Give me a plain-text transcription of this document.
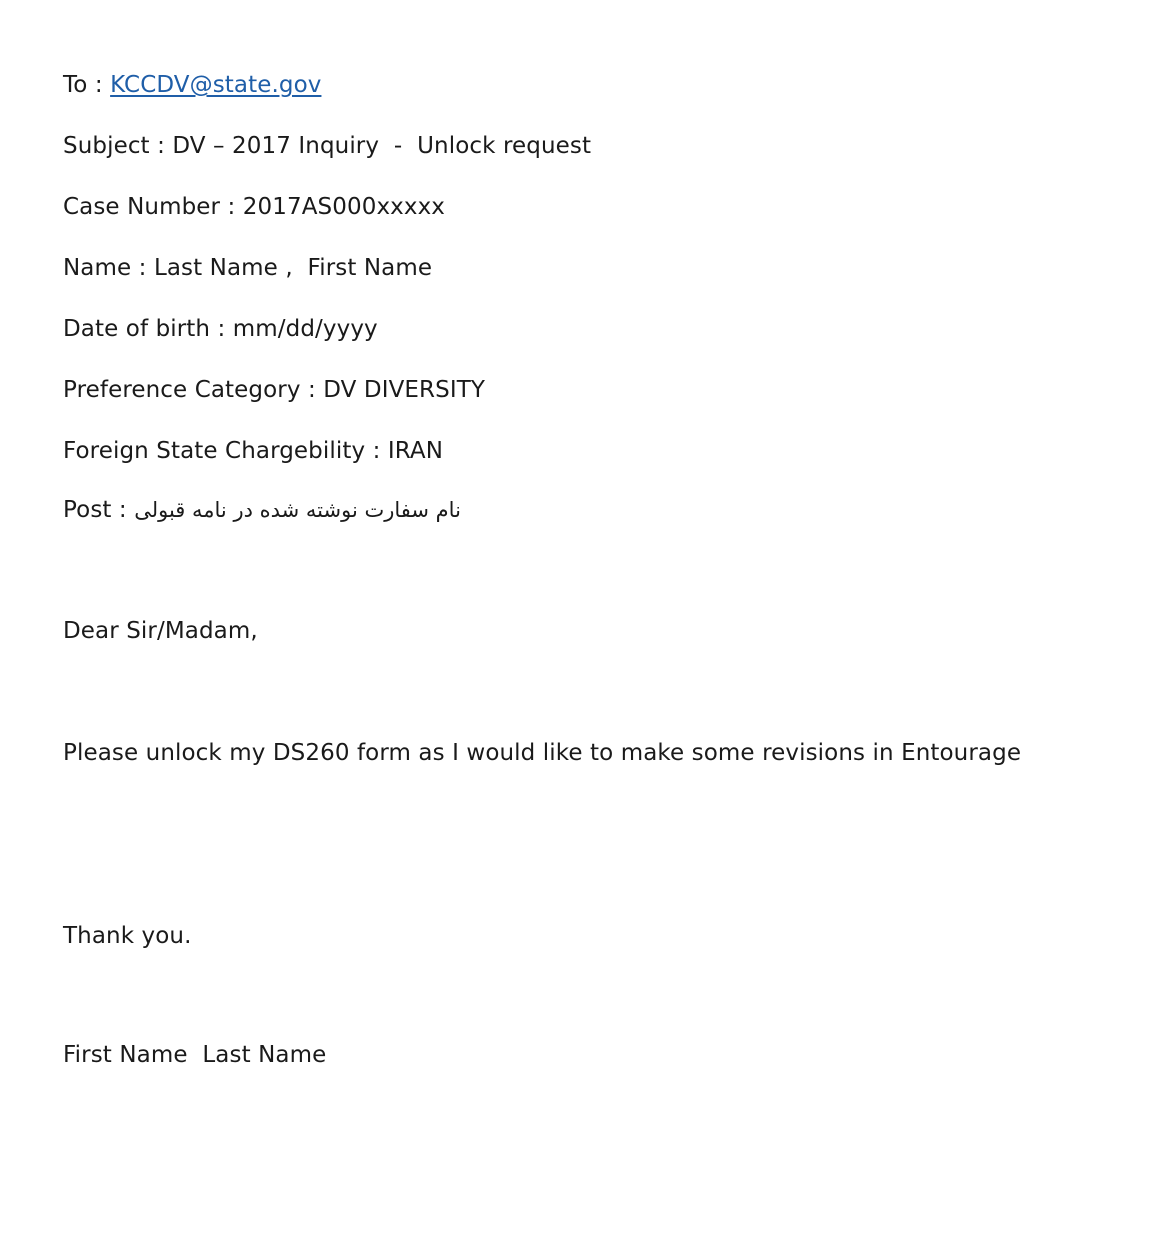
To : KCCDV@state.gov
Subject : DV – 2017 Inquiry  -  Unlock request
Case Number : 2017AS000xxxxx
Name : Last Name ,  First Name
Date of birth : mm/dd/yyyy
Preference Category : DV DIVERSITY
Foreign State Chargebility : IRAN
Post : نام سفارت نوشته شده در نامه قبولی
Dear Sir/Madam,
Please unlock my DS260 form as I would like to make some revisions in Entourage
Thank you.
First Name  Last Name
